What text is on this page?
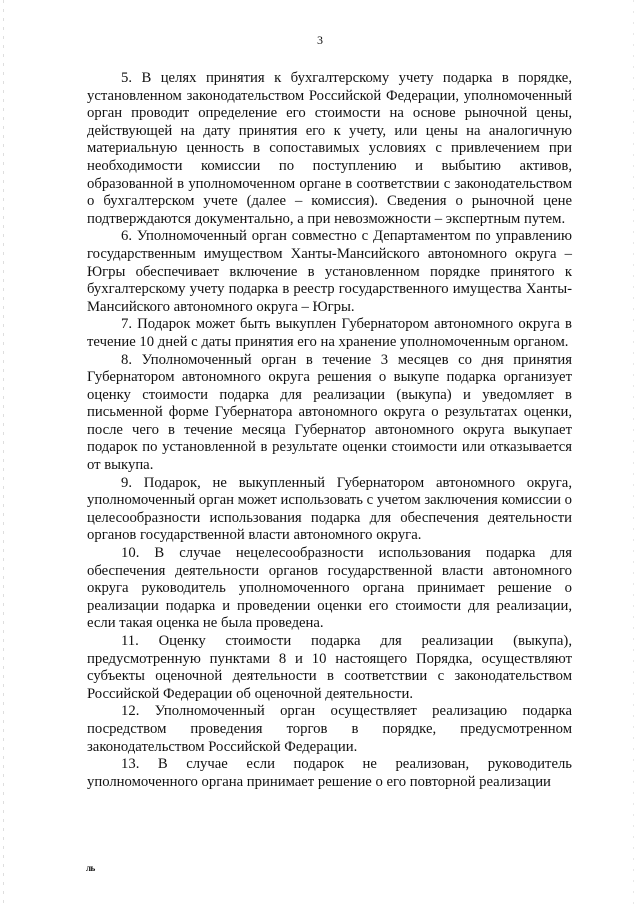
3

5. В целях принятия к бухгалтерскому учету подарка в порядке, установленном законодательством Российской Федерации, уполномоченный орган проводит определение его стоимости на основе рыночной цены, действующей на дату принятия его к учету, или цены на аналогичную материальную ценность в сопоставимых условиях с привлечением при необходимости комиссии по поступлению и выбытию активов, образованной в уполномоченном органе в соответствии с законодательством о бухгалтерском учете (далее – комиссия). Сведения о рыночной цене подтверждаются документально, а при невозможности – экспертным путем.

6. Уполномоченный орган совместно с Департаментом по управлению государственным имуществом Ханты-Мансийского автономного округа – Югры обеспечивает включение в установленном порядке принятого к бухгалтерскому учету подарка в реестр государственного имущества Ханты-Мансийского автономного округа – Югры.

7. Подарок может быть выкуплен Губернатором автономного округа в течение 10 дней с даты принятия его на хранение уполномоченным органом.

8. Уполномоченный орган в течение 3 месяцев со дня принятия Губернатором автономного округа решения о выкупе подарка организует оценку стоимости подарка для реализации (выкупа) и уведомляет в письменной форме Губернатора автономного округа о результатах оценки, после чего в течение месяца Губернатор автономного округа выкупает подарок по установленной в результате оценки стоимости или отказывается от выкупа.

9. Подарок, не выкупленный Губернатором автономного округа, уполномоченный орган может использовать с учетом заключения комиссии о целесообразности использования подарка для обеспечения деятельности органов государственной власти автономного округа.

10. В случае нецелесообразности использования подарка для обеспечения деятельности органов государственной власти автономного округа руководитель уполномоченного органа принимает решение о реализации подарка и проведении оценки его стоимости для реализации, если такая оценка не была проведена.

11. Оценку стоимости подарка для реализации (выкупа), предусмотренную пунктами 8 и 10 настоящего Порядка, осуществляют субъекты оценочной деятельности в соответствии с законодательством Российской Федерации об оценочной деятельности.

12. Уполномоченный орган осуществляет реализацию подарка посредством проведения торгов в порядке, предусмотренном законодательством Российской Федерации.

13. В случае если подарок не реализован, руководитель уполномоченного органа принимает решение о его повторной реализации

ль
